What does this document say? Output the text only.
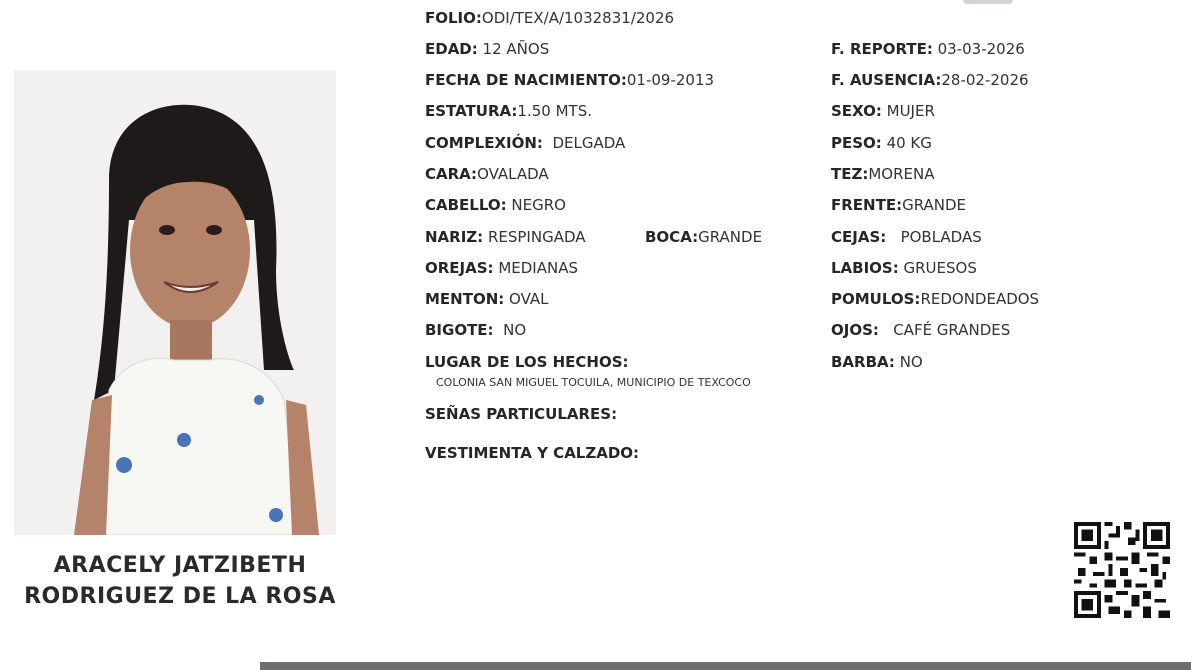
ARACELY JATZIBETH
RODRIGUEZ DE LA ROSA
FOLIO:ODI/TEX/A/1032831/2026
EDAD: 12 AÑOS
FECHA DE NACIMIENTO:01-09-2013
ESTATURA:1.50 MTS.
COMPLEXIÓN: DELGADA
CARA:OVALADA
CABELLO: NEGRO
NARIZ: RESPINGADA	BOCA:GRANDE
OREJAS: MEDIANAS
MENTON: OVAL
BIGOTE: NO
LUGAR DE LOS HECHOS:
COLONIA SAN MIGUEL TOCUILA, MUNICIPIO DE TEXCOCO
SEÑAS PARTICULARES:
VESTIMENTA Y CALZADO:
F. REPORTE: 03-03-2026
F. AUSENCIA:28-02-2026
SEXO: MUJER
PESO: 40 KG
TEZ:MORENA
FRENTE:GRANDE
CEJAS: POBLADAS
LABIOS: GRUESOS
POMULOS:REDONDEADOS
OJOS: CAFÉ GRANDES
BARBA: NO
